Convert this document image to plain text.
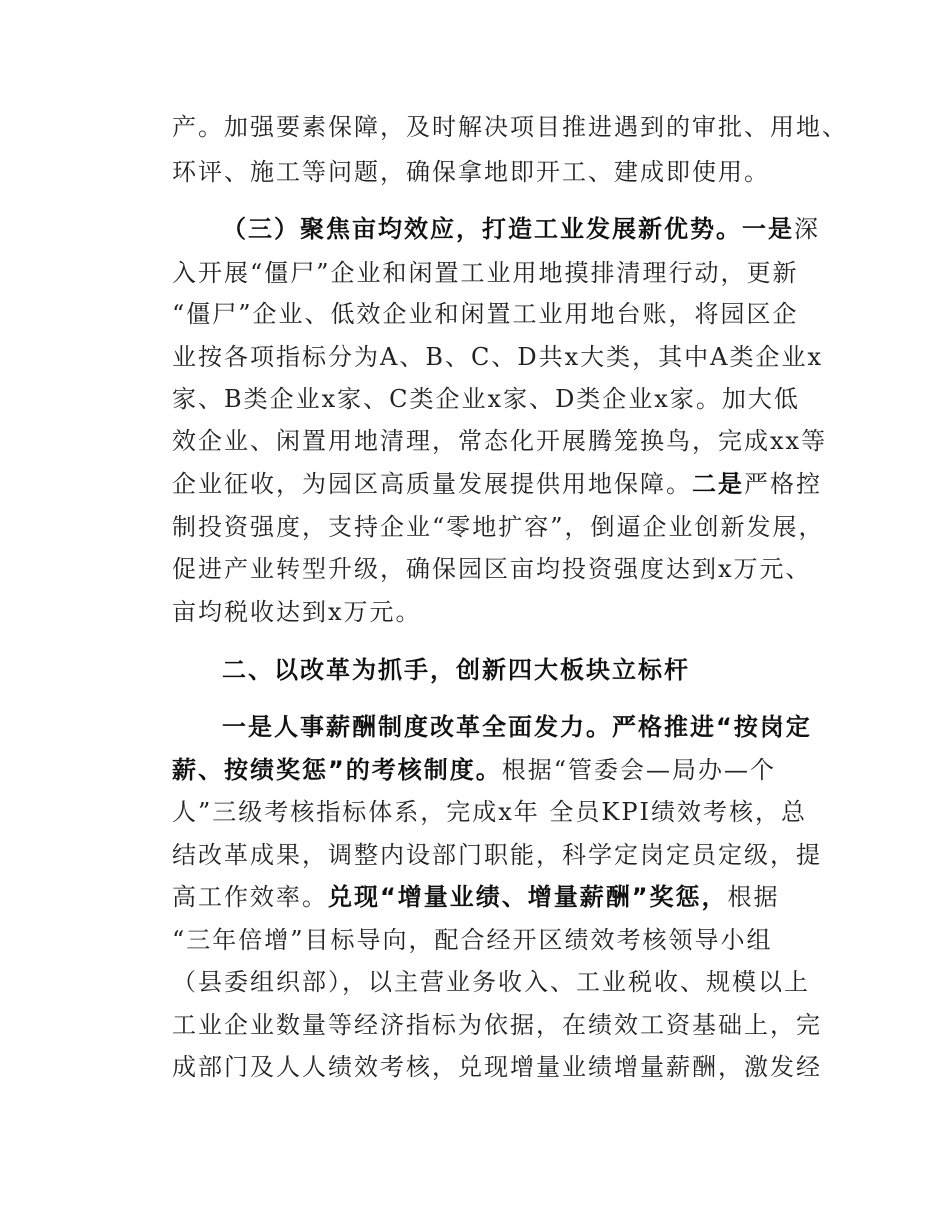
产。加强要素保障，及时解决项目推进遇到的审批、用地、

环评、施工等问题，确保拿地即开工、建成即使用。

（三）聚焦亩均效应，打造工业发展新优势。一是深

入开展“僵尸”企业和闲置工业用地摸排清理行动，更新

“僵尸”企业、低效企业和闲置工业用地台账，将园区企

业按各项指标分为A、B、C、D共x大类，其中A类企业x

家、B类企业x家、C类企业x家、D类企业x家。加大低

效企业、闲置用地清理，常态化开展腾笼换鸟，完成xx等

企业征收，为园区高质量发展提供用地保障。二是严格控

制投资强度，支持企业“零地扩容”，倒逼企业创新发展，

促进产业转型升级，确保园区亩均投资强度达到x万元、

亩均税收达到x万元。

二、以改革为抓手，创新四大板块立标杆

一是人事薪酬制度改革全面发力。严格推进“按岗定

薪、按绩奖惩”的考核制度。根据“管委会—局办—个

人”三级考核指标体系，完成x年 全员KPI绩效考核，总

结改革成果，调整内设部门职能，科学定岗定员定级，提

高工作效率。兑现“增量业绩、增量薪酬”奖惩，根据

“三年倍增”目标导向，配合经开区绩效考核领导小组

（县委组织部），以主营业务收入、工业税收、规模以上

工业企业数量等经济指标为依据，在绩效工资基础上，完

成部门及人人绩效考核，兑现增量业绩增量薪酬，激发经
